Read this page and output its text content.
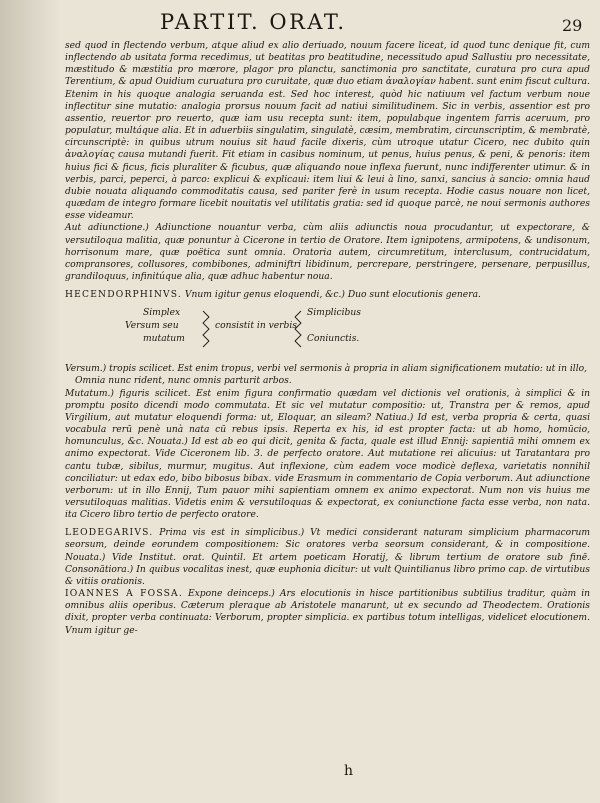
PARTIT. ORAT.	29

sed quod in flectendo verbum, atque aliud ex alio deriuado, nouum facere liceat, id quod tunc denique fit, cum inflectendo ab usitata forma recedimus, ut beatitas pro beatitudine, necessitudo apud Sallustiu pro necessitate, mæstitudo & mæstitia pro mœrore, plagor pro planctu, sanctimonia pro sanctitate, curatura pro cura apud Terentium, & apud Ouidium curuatura pro curuitate, quæ duo etiam ἀναλογίαν habent. sunt enim fiscut cultura. Etenim in his quoque analogia seruanda est. Sed hoc interest, quòd hic natiuum vel factum verbum noue inflectitur sine mutatio: analogia prorsus nouum facit ad natiui similitudinem. Sic in verbis, assentior est pro assentio, reuertor pro reuerto, quæ iam usu recepta sunt: item, populabque ingentem farris aceruum, pro populatur, multáque alia. Et in aduerbiis singulatim, singulatè, cæsim, membratim, circunscriptim, & membratè, circunscriptè: in quibus utrum nouius sit haud facile dixeris, cùm utroque utatur Cicero, nec dubito quin ἀναλογίας causa mutandi fuerit. Fit etiam in casibus nominum, ut penus, huius penus, & peni, & penoris: item huius fici & ficus, ficis pluraliter & ficubus, quæ aliquando noue inflexa fuerunt, nunc indifferenter utimur. & in verbis, parci, peperci, à parco: explicui & explicaui: item liui & leui à lino, sanxi, sancius à sancio: omnia haud dubie nouata aliquando commoditatis causa, sed pariter ferè in usum recepta. Hodie casus nouare non licet, quædam de integro formare licebit nouitatis vel utilitatis gratia: sed id quoque parcè, ne noui sermonis authores esse videamur.

Aut adiunctione.) Adiunctione nouantur verba, cùm aliis adiunctis noua procudantur, ut expectorare, & versutiloqua malitia, quæ ponuntur à Cicerone in tertio de Oratore. Item ignipotens, armipotens, & undisonum, horrisonum mare, quæ poëtica sunt omnia. Oratoria autem, circumretitum, interclusum, contrucidatum, compransores, collusores, combibones, adminiftri libidinum, percrepare, perstringere, persenare, perpusillus, grandiloquus, infinitúque alia, quæ adhuc habentur noua.

HECENDORPHINVS. Vnum igitur genus eloquendi, &c.) Duo sunt elocutionis genera.

Simplex
Versum seu
mutatum
consistit in verbis
Simplicibus
Coniunctis.

Versum.) tropis scilicet. Est enim tropus, verbi vel sermonis à propria in aliam significationem mutatio: ut in illo,

Omnia nunc rident, nunc omnis parturit arbos.

Mutatum.) figuris scilicet. Est enim figura confirmatio quædam vel dictionis vel orationis, à simplici & in promptu posito dicendi modo commutata. Et sic vel mutatur compositio: ut, Transtra per & remos, apud Virgilium, aut mutatur eloquendi forma: ut, Eloquar, an sileam? Natiua.) Id est, verba propria & certa, quasi vocabula rerū penè unà nata cū rebus ipsis. Reperta ex his, id est propter facta: ut ab homo, homūcio, homunculus, &c. Nouata.) Id est ab eo qui dicit, genita & facta, quale est illud Ennij: sapientiā mihi omnem ex animo expectorat. Vide Ciceronem lib. 3. de perfecto oratore. Aut mutatione rei alicuius: ut Taratantara pro cantu tubæ, sibilus, murmur, mugitus. Aut inflexione, cùm eadem voce modicè deflexa, varietatis nonnihil conciliatur: ut edax edo, bibo bibosus bibax. vide Erasmum in commentario de Copia verborum. Aut adiunctione verborum: ut in illo Ennij, Tum pauor mihi sapientiam omnem ex animo expectorat. Num non vis huius me versutiloquas malitias. Videtis enim & versutiloquas & expectorat, ex coniunctione facta esse verba, non nata. ita Cicero libro tertio de perfecto oratore.

LEODEGARIVS. Prima vis est in simplicibus.) Vt medici considerant naturam simplicium pharmacorum seorsum, deinde eorundem compositionem: Sic oratores verba seorsum considerant, & in compositione. Nouata.) Vide Institut. orat. Quintil. Et artem poeticam Horatij, & librum tertium de oratore sub finē. Consonātiora.) In quibus vocalitas inest, quæ euphonia dicitur: ut vult Quintilianus libro primo cap. de virtutibus & vitiis orationis.

IOANNES A FOSSA. Expone deinceps.) Ars elocutionis in hisce partitionibus subtilius traditur, quàm in omnibus aliis operibus. Cæterum pleraque ab Aristotele manarunt, ut ex secundo ad Theodectem. Orationis dixit, propter verba continuata: Verborum, propter simplicia. ex partibus totum intelligas, videlicet elocutionem. Vnum igitur ge-

h
